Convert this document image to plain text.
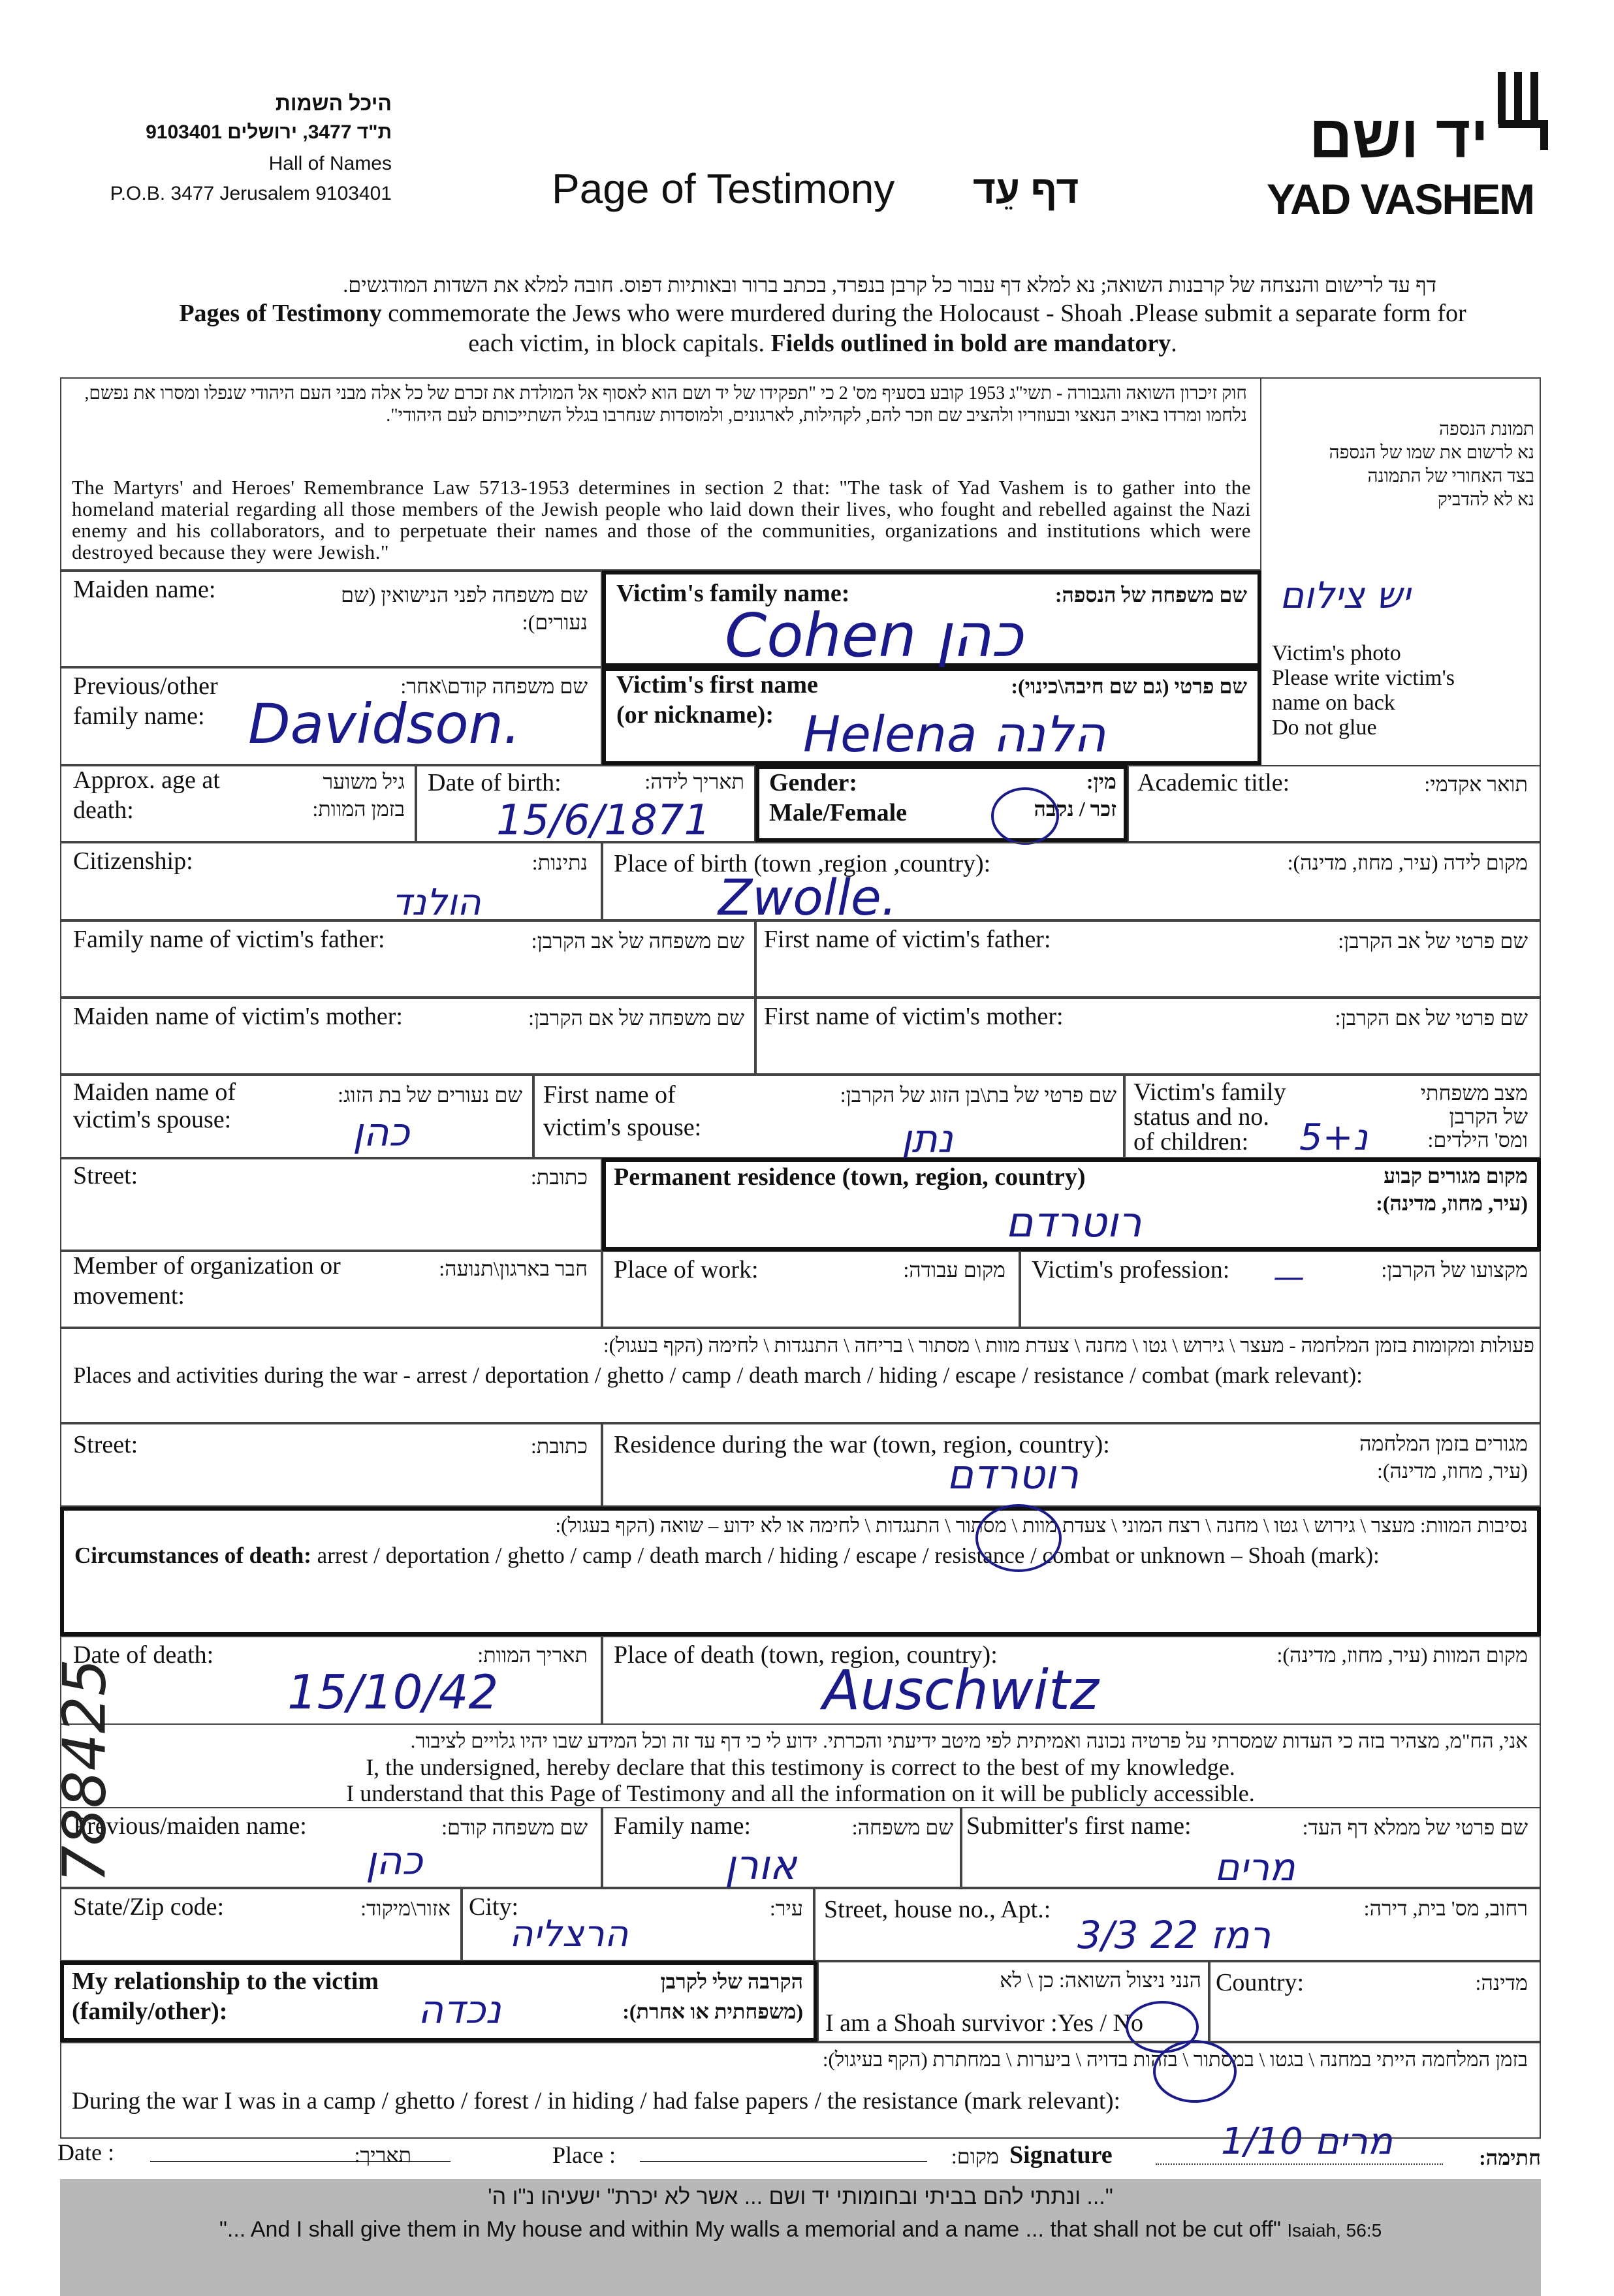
היכל השמות
ת"ד 3477, ירושלים 9103401
Hall of Names
P.O.B. 3477 Jerusalem 9103401	Page of Testimony דף עֵד
יד ושם
YAD VASHEM
דף עד לרישום והנצחה של קרבנות השואה; נא למלא דף עבור כל קרבן בנפרד, בכתב ברור ובאותיות דפוס. חובה למלא את השדות המודגשים.
Pages of Testimony commemorate the Jews who were murdered during the Holocaust - Shoah .Please submit a separate form for
each victim, in block capitals. Fields outlined in bold are mandatory.
חוק זיכרון השואה והגבורה - תשי"ג 1953 קובע בסעיף מס' 2 כי "תפקידו של יד ושם הוא לאסוף אל המולדת את זכרם של כל אלה מבני העם היהודי שנפלו ומסרו את נפשם, נלחמו ומרדו באויב הנאצי ובעוזריו ולהציב שם וזכר להם, לקהילות, לארגונים, ולמוסדות שנחרבו בגלל השתייכותם לעם היהודי".
The Martyrs' and Heroes' Remembrance Law 5713-1953 determines in section 2 that: "The task of Yad Vashem is to gather into the homeland material regarding all those members of the Jewish people who laid down their lives, who fought and rebelled against the Nazi enemy and his collaborators, and to perpetuate their names and those of the communities, organizations and institutions which were destroyed because they were Jewish."
תמונת הנספה
נא לרשום את שמו של הנספה
בצד האחורי של התמונה
נא לא להדביק
יש צילום
Victim's photo
Please write victim's
name on back
Do not glue
Maiden name:	שם משפחה לפני הנישואין (שם נעורים):
Victim's family name:	שם משפחה של הנספה:
Cohen כהן
Previous/other
family name:
שם משפחה קודם\אחר:
Davidson.
Victim's first name
(or nickname):
שם פרטי (גם שם חיבה\כינוי):
Helena הלנה
Approx. age at
death:
גיל משוער בזמן המוות:
Date of birth:	תאריך לידה:
15/6/1871
Gender:
Male/Female
מין:
זכר / נקבה
Academic title:	תואר אקדמי:
Citizenship:	נתינות:
הולנד
Place of birth (town ,region ,country):	מקום לידה (עיר, מחוז, מדינה):
Zwolle.
Family name of victim's father:	שם משפחה של אב הקרבן: First name of victim's father:	שם פרטי של אב הקרבן:
Maiden name of victim's mother:	שם משפחה של אם הקרבן: First name of victim's mother:	שם פרטי של אם הקרבן:
Maiden name of
victim's spouse:
שם נעורים של בת הזוג:
כהן
First name of
victim's spouse:
שם פרטי של בת\בן הזוג של הקרבן:
נתן
Victim's family
status and no.
of children:
מצב משפחתי
של הקרבן
ומס' הילדים:
נ+5
Street:	כתובת: Permanent residence (town, region, country)	מקום מגורים קבוע
(עיר, מחוז, מדינה):
רוטרדם
Member of organization or
movement:
חבר בארגון\תנועה: Place of work:	מקום עבודה: Victim's profession:	מקצועו של הקרבן:
—
פעולות ומקומות בזמן המלחמה - מעצר \ גירוש \ גטו \ מחנה \ צעדת מוות \ מסתור \ בריחה \ התנגדות \ לחימה (הקף בעגול):
Places and activities during the war - arrest / deportation / ghetto / camp / death march / hiding / escape / resistance / combat (mark relevant):
Street:	כתובת: Residence during the war (town, region, country):	מגורים בזמן המלחמה
(עיר, מחוז, מדינה):
רוטרדם
נסיבות המוות: מעצר \ גירוש \ גטו \ מחנה \ רצח המוני \ צעדת מוות \ מסתור \ התנגדות \ לחימה או לא ידוע – שואה (הקף בעגול):
Circumstances of death: arrest / deportation / ghetto / camp / death march / hiding / escape / resistance / combat or unknown – Shoah (mark):
Date of death:	תאריך המוות:
15/10/42
Place of death (town, region, country):	מקום המוות (עיר, מחוז, מדינה):
Auschwitz
אני, הח"מ, מצהיר בזה כי העדות שמסרתי על פרטיה נכונה ואמיתית לפי מיטב ידיעתי והכרתי. ידוע לי כי דף עד זה וכל המידע שבו יהיו גלויים לציבור.
I, the undersigned, hereby declare that this testimony is correct to the best of my knowledge.
I understand that this Page of Testimony and all the information on it will be publicly accessible.
Previous/maiden name:	שם משפחה קודם:
כהן
Family name:	שם משפחה:
אורן
Submitter's first name:	שם פרטי של ממלא דף העד:
מרים
State/Zip code:	אזור\מיקוד: City:	עיר:
הרצליה
Street, house no., Apt.:	רחוב, מס' בית, דירה:
רמז 22 3/3
My relationship to the victim
(family/other):
הקרבה שלי לקרבן
(משפחתית או אחרת):
נכדה
הנני ניצול השואה: כן \ לא
I am a Shoah survivor :Yes / No
Country:	מדינה:
בזמן המלחמה הייתי במחנה \ בגטו \ במסתור \ בזהות בדויה \ ביערות \ במחתרת (הקף בעיגול):
During the war I was in a camp / ghetto / forest / in hiding / had false papers / the resistance (mark relevant):
Date :	תאריך:	Place :	מקום: Signature	מרים 1/10	חתימה:
"... ונתתי להם בביתי ובחומותי יד ושם ... אשר לא יכרת" ישעיהו נ"ו ה'
"... And I shall give them in My house and within My walls a memorial and a name ... that shall not be cut off" Isaiah, 56:5
788425
